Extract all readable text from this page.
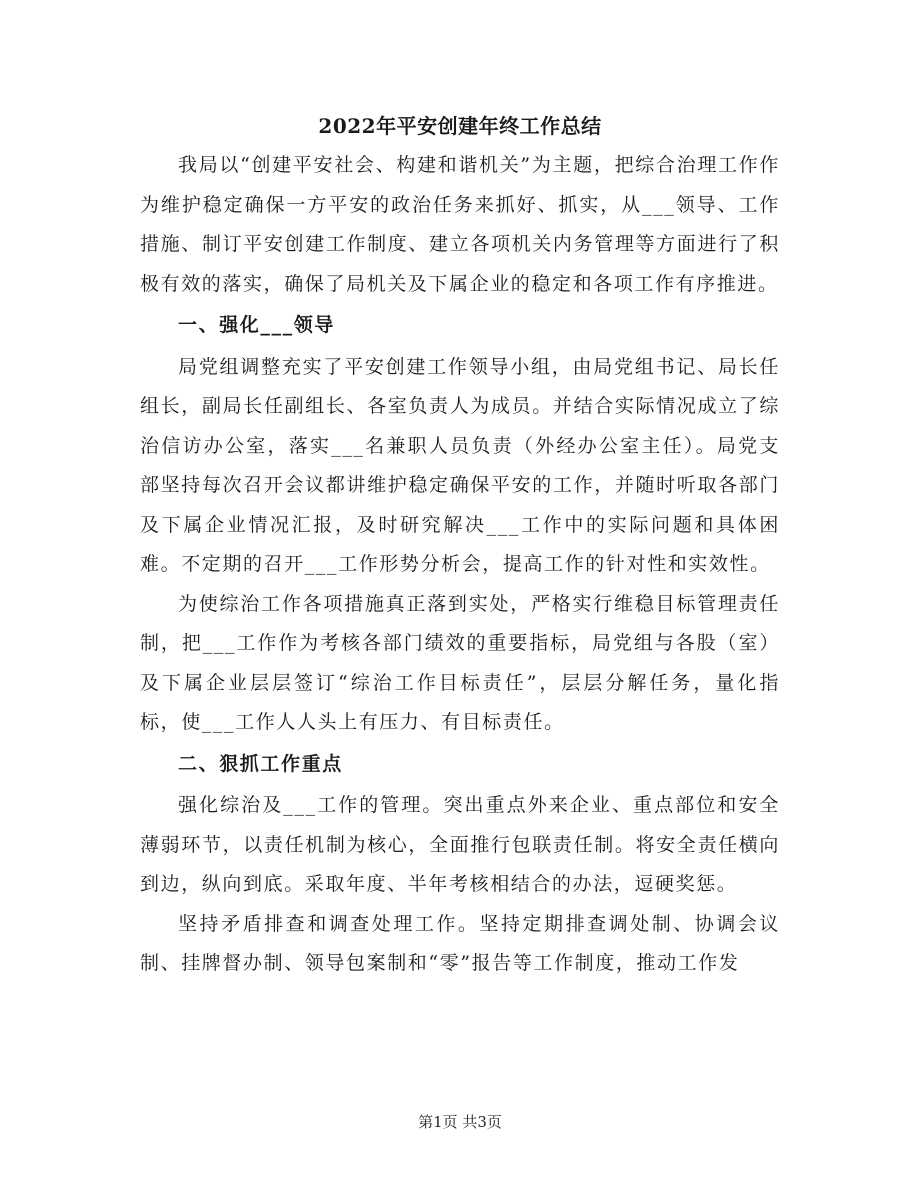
2022年平安创建年终工作总结

我局以“创建平安社会、构建和谐机关”为主题，把综合治理工作作为维护稳定确保一方平安的政治任务来抓好、抓实，从___领导、工作措施、制订平安创建工作制度、建立各项机关内务管理等方面进行了积极有效的落实，确保了局机关及下属企业的稳定和各项工作有序推进。

一、强化___领导

局党组调整充实了平安创建工作领导小组，由局党组书记、局长任组长，副局长任副组长、各室负责人为成员。并结合实际情况成立了综治信访办公室，落实___名兼职人员负责（外经办公室主任）。局党支部坚持每次召开会议都讲维护稳定确保平安的工作，并随时听取各部门及下属企业情况汇报，及时研究解决___工作中的实际问题和具体困难。不定期的召开___工作形势分析会，提高工作的针对性和实效性。

为使综治工作各项措施真正落到实处，严格实行维稳目标管理责任制，把___工作作为考核各部门绩效的重要指标，局党组与各股（室）及下属企业层层签订“综治工作目标责任”，层层分解任务，量化指标，使___工作人人头上有压力、有目标责任。

二、狠抓工作重点

强化综治及___工作的管理。突出重点外来企业、重点部位和安全薄弱环节，以责任机制为核心，全面推行包联责任制。将安全责任横向到边，纵向到底。采取年度、半年考核相结合的办法，逗硬奖惩。

坚持矛盾排查和调查处理工作。坚持定期排查调处制、协调会议制、挂牌督办制、领导包案制和“零”报告等工作制度，推动工作发

第1页 共3页
